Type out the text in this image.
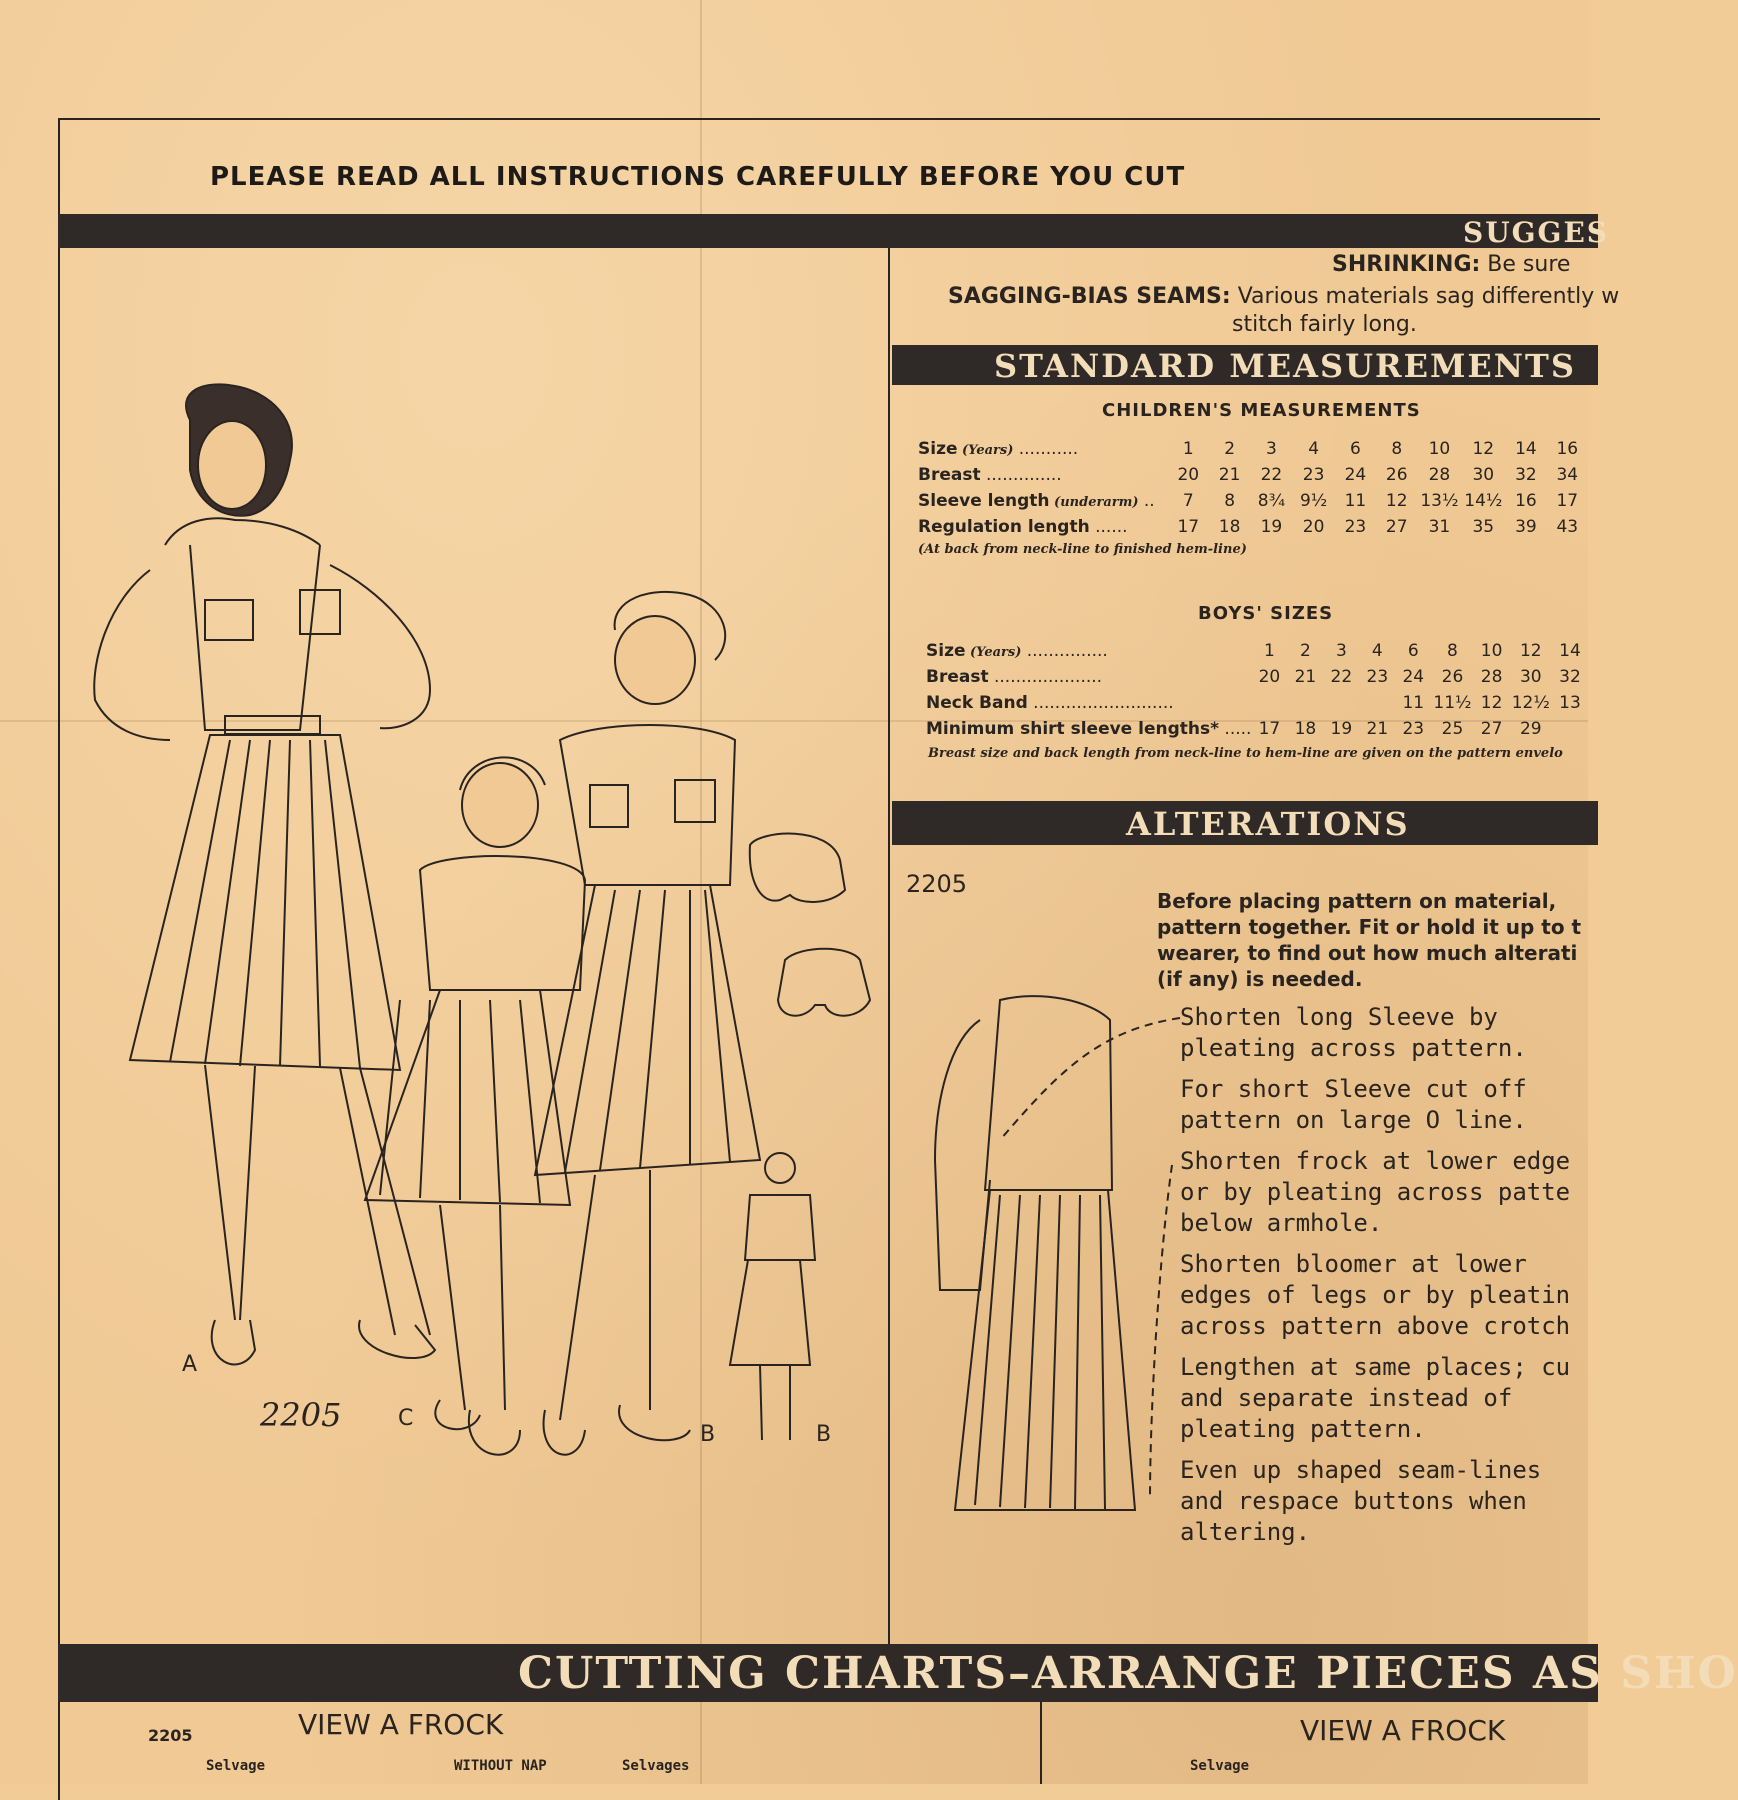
PLEASE READ ALL INSTRUCTIONS CAREFULLY BEFORE YOU CUT
SUGGES
SHRINKING: Be sure
SAGGING-BIAS SEAMS: Various materials sag differently w
stitch fairly long.
STANDARD MEASUREMENTS
CHILDREN'S MEASUREMENTS
Size (Years) ...........	1	2	3	4	6	8	10	12	14	16
Breast ..............	20	21	22	23	24	26	28	30	32	34
Sleeve length (underarm) ..	7	8	8¾	9½	11	12	13½	14½	16	17
Regulation length ......	17	18	19	20	23	27	31	35	39	43
(At back from neck-line to finished hem-line)
BOYS' SIZES
Size (Years) ...............	1	2	3	4	6	8	10	12	14
Breast ....................	20	21	22	23	24	26	28	30	32
Neck Band ..........................					11	11½	12	12½	13
Minimum shirt sleeve lengths* .....	17	18	19	21	23	25	27	29	
Breast size and back length from neck-line to hem-line are given on the pattern envelo
ALTERATIONS
2205
Before placing pattern on material, pattern together. Fit or hold it up to t wearer, to find out how much alterati (if any) is needed.
Shorten long Sleeve by
pleating across pattern.
For short Sleeve cut off
pattern on large O line.
Shorten frock at lower edge
or by pleating across patte
below armhole.
Shorten bloomer at lower
edges of legs or by pleatin
across pattern above crotch
Lengthen at same places; cu
and separate instead of
pleating pattern.
Even up shaped seam-lines
and respace buttons when
altering.
A
C
B	B
2205
CUTTING CHARTS–ARRANGE PIECES AS SHO
2205	VIEW A FROCK	VIEW A FROCK
Selvage	WITHOUT NAP	Selvages	Selvage
